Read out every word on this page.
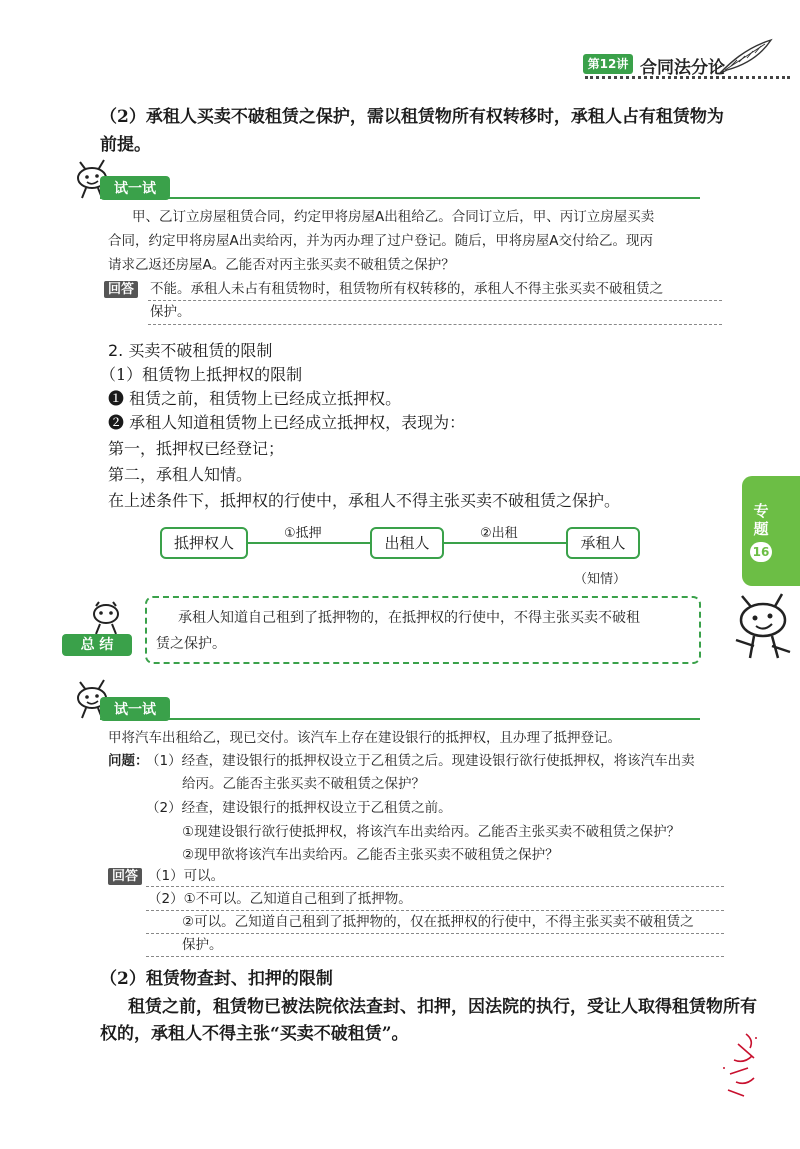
第12讲 合同法分论
专题
16
（2）承租人买卖不破租赁之保护，需以租赁物所有权转移时，承租人占有租赁物为
前提。
试一试
甲、乙订立房屋租赁合同，约定甲将房屋A出租给乙。合同订立后，甲、丙订立房屋买卖
合同，约定甲将房屋A出卖给丙，并为丙办理了过户登记。随后，甲将房屋A交付给乙。现丙
请求乙返还房屋A。乙能否对丙主张买卖不破租赁之保护？
回答 不能。承租人未占有租赁物时，租赁物所有权转移的，承租人不得主张买卖不破租赁之
保护。
2. 买卖不破租赁的限制
（1）租赁物上抵押权的限制
❶ 租赁之前，租赁物上已经成立抵押权。
❷ 承租人知道租赁物上已经成立抵押权，表现为：
第一，抵押权已经登记；
第二，承租人知情。
在上述条件下，抵押权的行使中，承租人不得主张买卖不破租赁之保护。
抵押权人	出租人	承租人
①抵押	②出租
（知情）
总 结
承租人知道自己租到了抵押物的，在抵押权的行使中，不得主张买卖不破租
赁之保护。
试一试
甲将汽车出租给乙，现已交付。该汽车上存在建设银行的抵押权，且办理了抵押登记。
问题：
（1）经查，建设银行的抵押权设立于乙租赁之后。现建设银行欲行使抵押权，将该汽车出卖
给丙。乙能否主张买卖不破租赁之保护？
（2）经查，建设银行的抵押权设立于乙租赁之前。
①现建设银行欲行使抵押权，将该汽车出卖给丙。乙能否主张买卖不破租赁之保护？
②现甲欲将该汽车出卖给丙。乙能否主张买卖不破租赁之保护？
回答 （1）可以。
（2）①不可以。乙知道自己租到了抵押物。
②可以。乙知道自己租到了抵押物的，仅在抵押权的行使中，不得主张买卖不破租赁之
保护。
（2）租赁物查封、扣押的限制
租赁之前，租赁物已被法院依法查封、扣押，因法院的执行，受让人取得租赁物所有
权的，承租人不得主张“买卖不破租赁”。
